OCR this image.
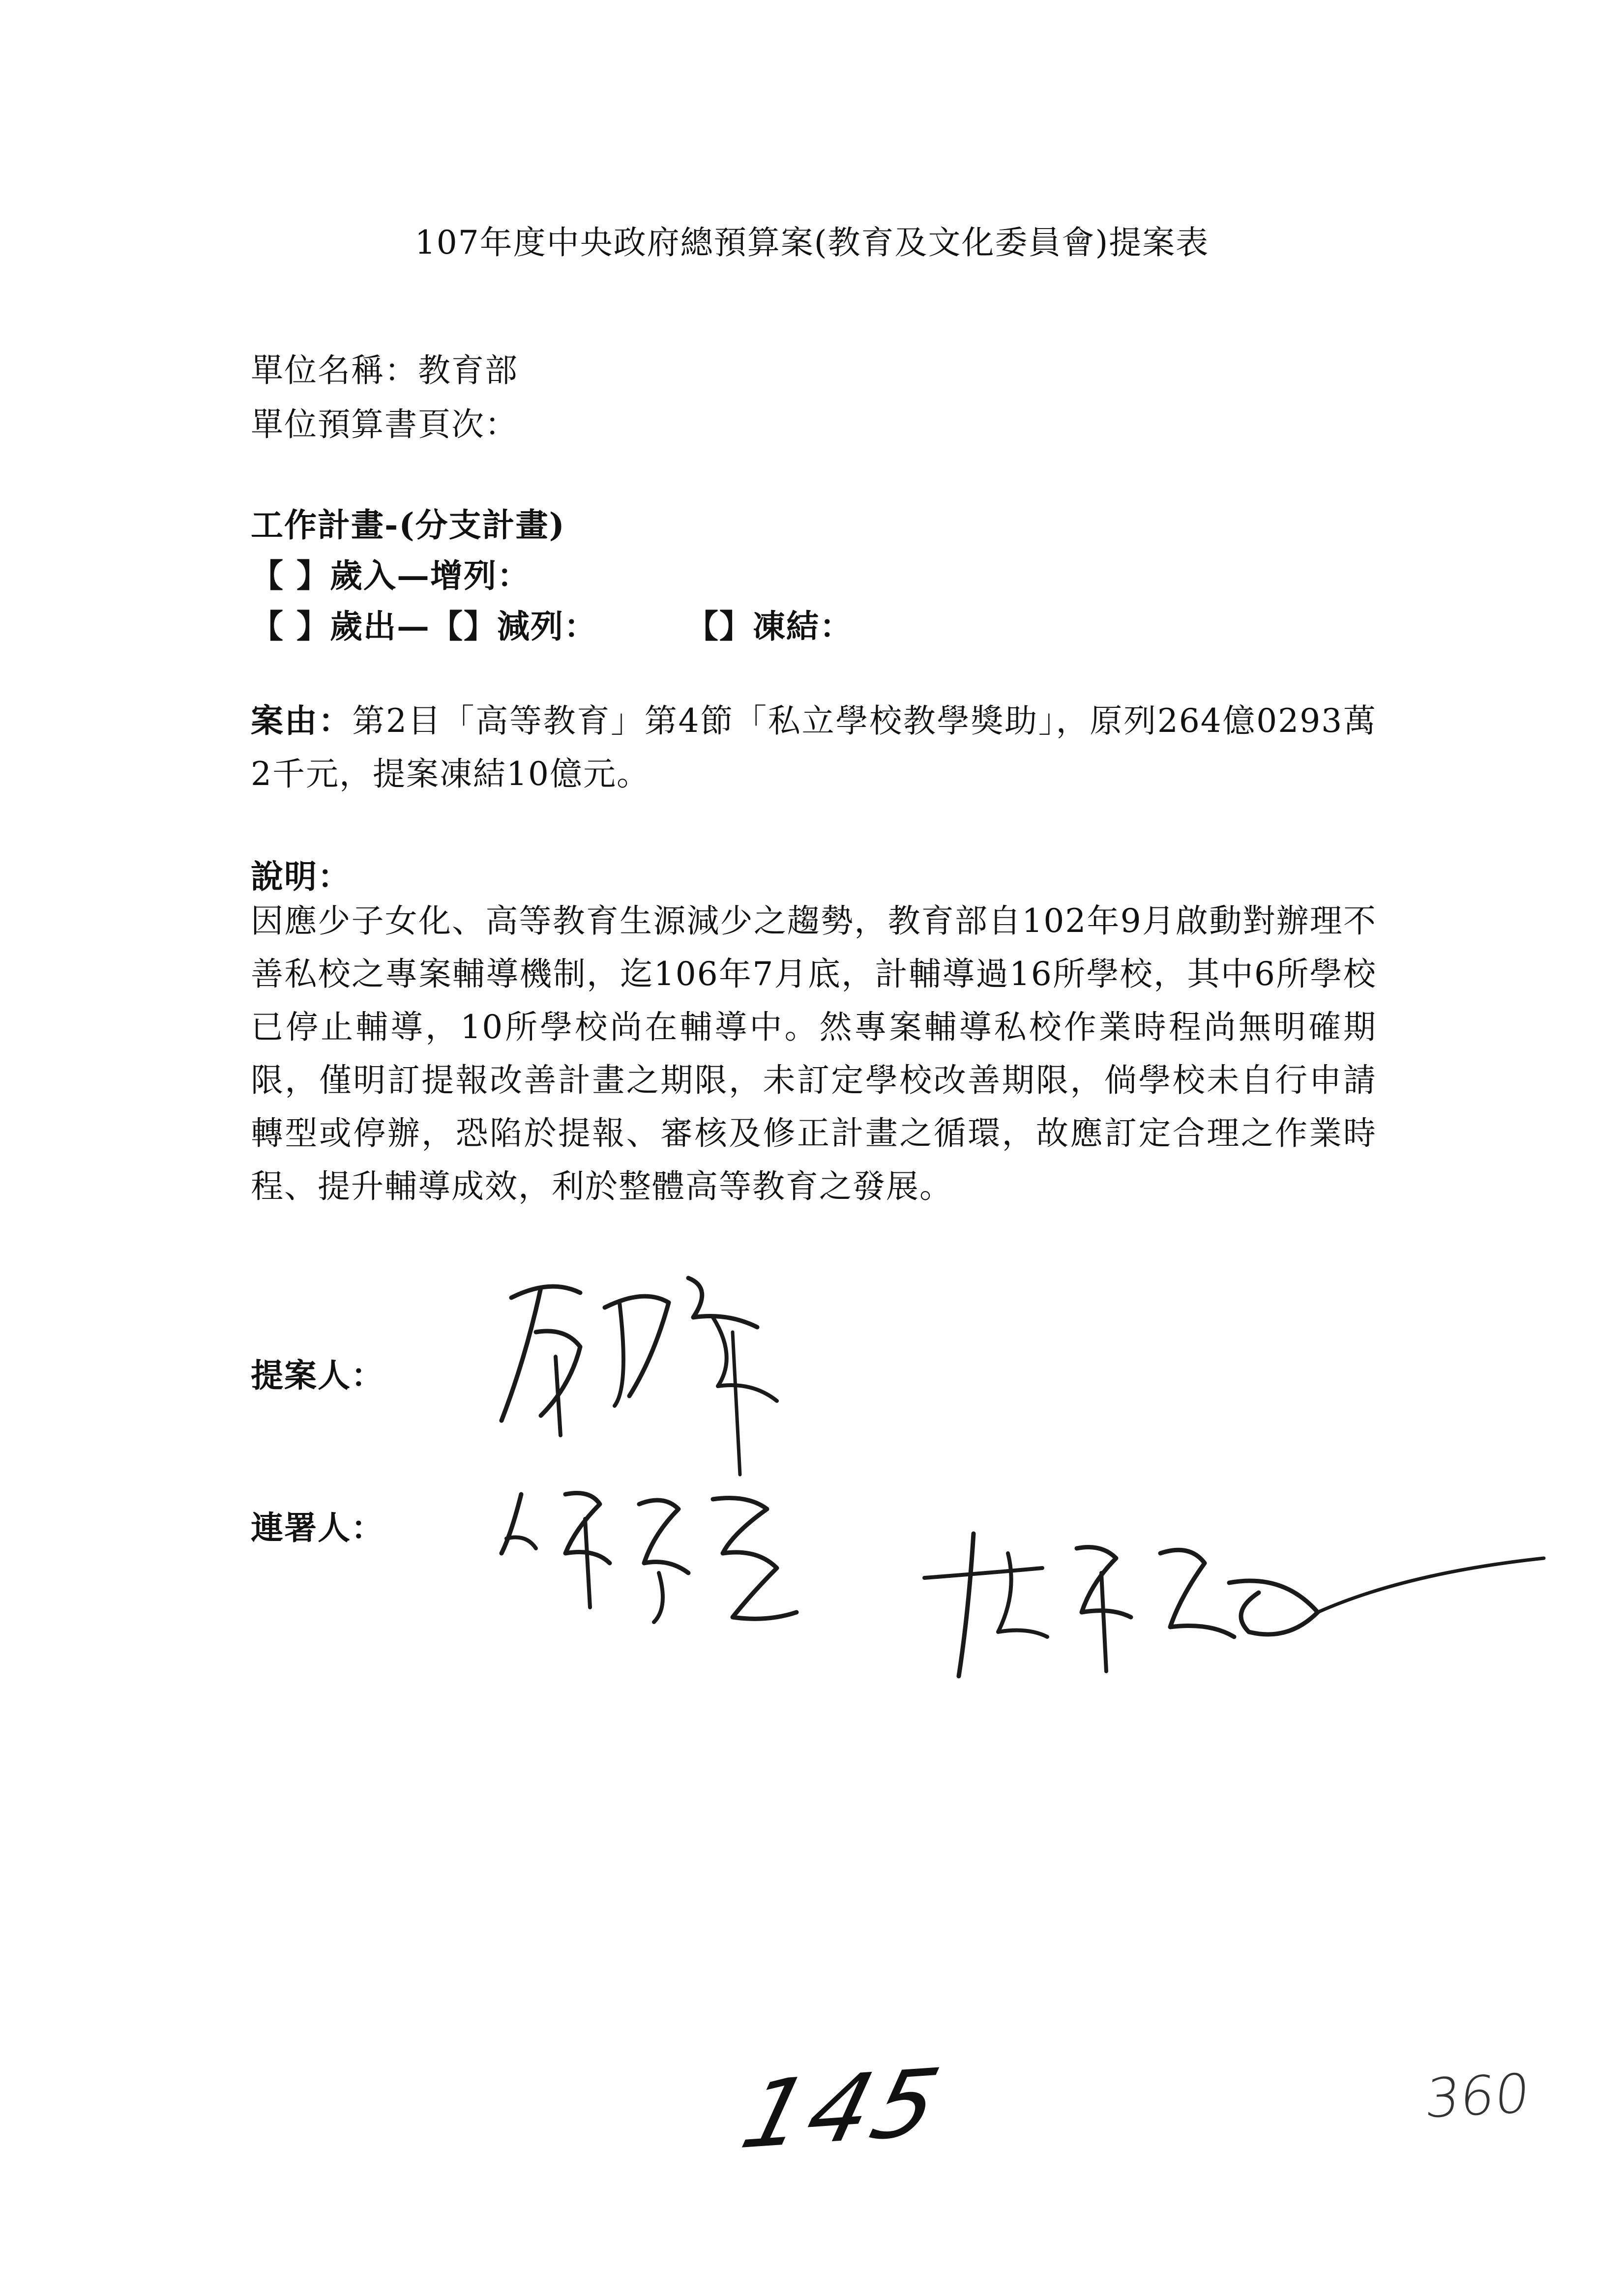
107年度中央政府總預算案(教育及文化委員會)提案表
單位名稱：教育部
單位預算書頁次：
工作計畫-(分支計畫)
【 】歲入—增列：
【 】歲出—【】減列：	【】凍結：
案由：第2目「高等教育」第4節「私立學校教學獎助」，原列264億0293萬2千元，提案凍結10億元。
說明：
因應少子女化、高等教育生源減少之趨勢，教育部自102年9月啟動對辦理不善私校之專案輔導機制，迄106年7月底，計輔導過16所學校，其中6所學校已停止輔導，10所學校尚在輔導中。然專案輔導私校作業時程尚無明確期限，僅明訂提報改善計畫之期限，未訂定學校改善期限，倘學校未自行申請轉型或停辦，恐陷於提報、審核及修正計畫之循環，故應訂定合理之作業時程、提升輔導成效，利於整體高等教育之發展。
提案人：
連署人：
145	360
